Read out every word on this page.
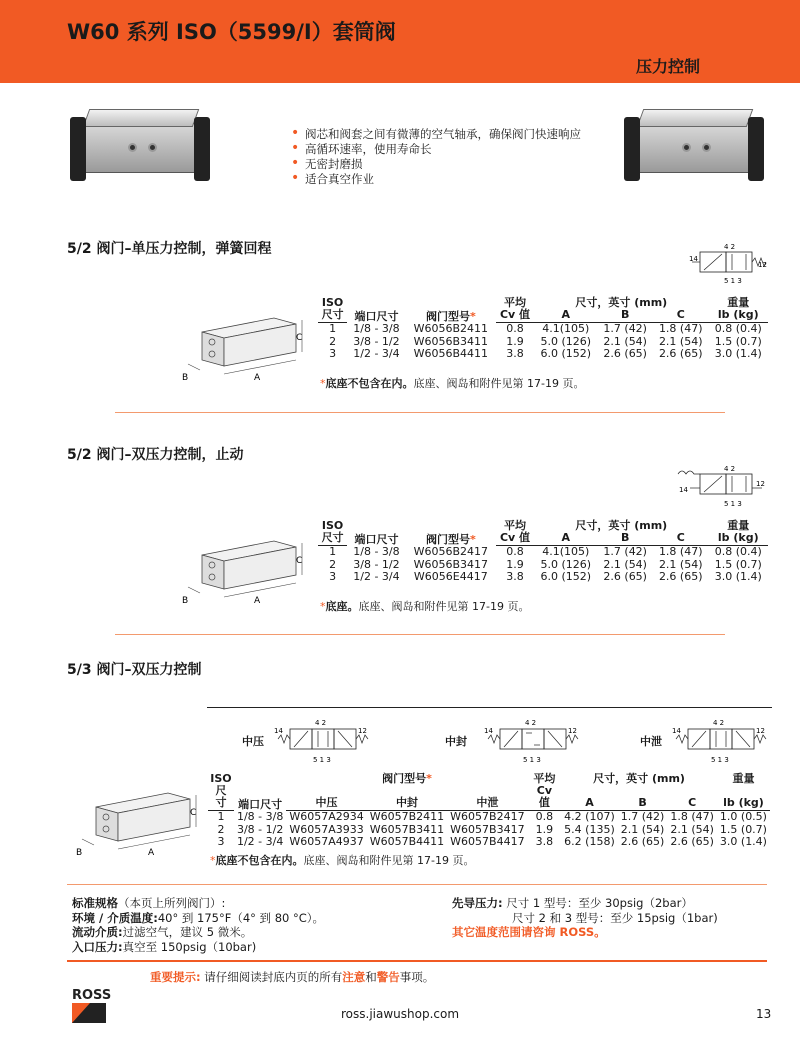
W60 系列 ISO（5599/I）套筒阀
压力控制
• 阀芯和阀套之间有微薄的空气轴承，确保阀门快速响应
• 高循环速率，使用寿命长
• 无密封磨损
• 适合真空作业
5/2 阀门–单压力控制，弹簧回程
14
12
4 2
5 1 3
C
A
B
ISO	端口尺寸	阀门型号*	平均	尺寸，英寸 (mm)			重量
尺寸			Cv 值	A	B	C	lb (kg)
1	1/8 - 3/8	W6056B2411	0.8	4.1(105)	1.7 (42)	1.8 (47)	0.8 (0.4)
2	3/8 - 1/2	W6056B3411	1.9	5.0 (126)	2.1 (54)	2.1 (54)	1.5 (0.7)
3	1/2 - 3/4	W6056B4411	3.8	6.0 (152)	2.6 (65)	2.6 (65)	3.0 (1.4)
*底座不包含在内。底座、阀岛和附件见第 17-19 页。
5/2 阀门–双压力控制，止动
14
12
4 2
5 1 3
C
A
B
ISO	端口尺寸	阀门型号*	平均	尺寸，英寸 (mm)			重量
尺寸			Cv 值	A	B	C	lb (kg)
1	1/8 - 3/8	W6056B2417	0.8	4.1(105)	1.7 (42)	1.8 (47)	0.8 (0.4)
2	3/8 - 1/2	W6056B3417	1.9	5.0 (126)	2.1 (54)	2.1 (54)	1.5 (0.7)
3	1/2 - 3/4	W6056E4417	3.8	6.0 (152)	2.6 (65)	2.6 (65)	3.0 (1.4)
*底座。底座、阀岛和附件见第 17-19 页。
5/3 阀门–双压力控制
中压
14	12
4 2
5 1 3
中封
14	12
4 2
5 1 3
中泄
14	12
4 2
5 1 3
C
A
B
ISO	端口尺寸	阀门型号*			平均	尺寸，英寸 (mm)			重量
尺寸		中压	中封	中泄	Cv 值	A	B	C	lb (kg)
1	1/8 - 3/8	W6057A2934	W6057B2411	W6057B2417	0.8	4.2 (107)	1.7 (42)	1.8 (47)	1.0 (0.5)
2	3/8 - 1/2	W6057A3933	W6057B3411	W6057B3417	1.9	5.4 (135)	2.1 (54)	2.1 (54)	1.5 (0.7)
3	1/2 - 3/4	W6057A4937	W6057B4411	W6057B4417	3.8	6.2 (158)	2.6 (65)	2.6 (65)	3.0 (1.4)
*底座不包含在内。底座、阀岛和附件见第 17-19 页。
标准规格（本页上所列阀门）:
环境 / 介质温度:40° 到 175°F（4° 到 80 °C）。
流动介质:过滤空气，建议 5 微米。
入口压力:真空至 150psig（10bar)
先导压力: 尺寸 1 型号：至少 30psig（2bar）
尺寸 2 和 3 型号：至少 15psig（1bar)
其它温度范围请咨询 ROSS。
重要提示: 请仔细阅读封底内页的所有注意和警告事项。
ROSS
ross.jiawushop.com	13
